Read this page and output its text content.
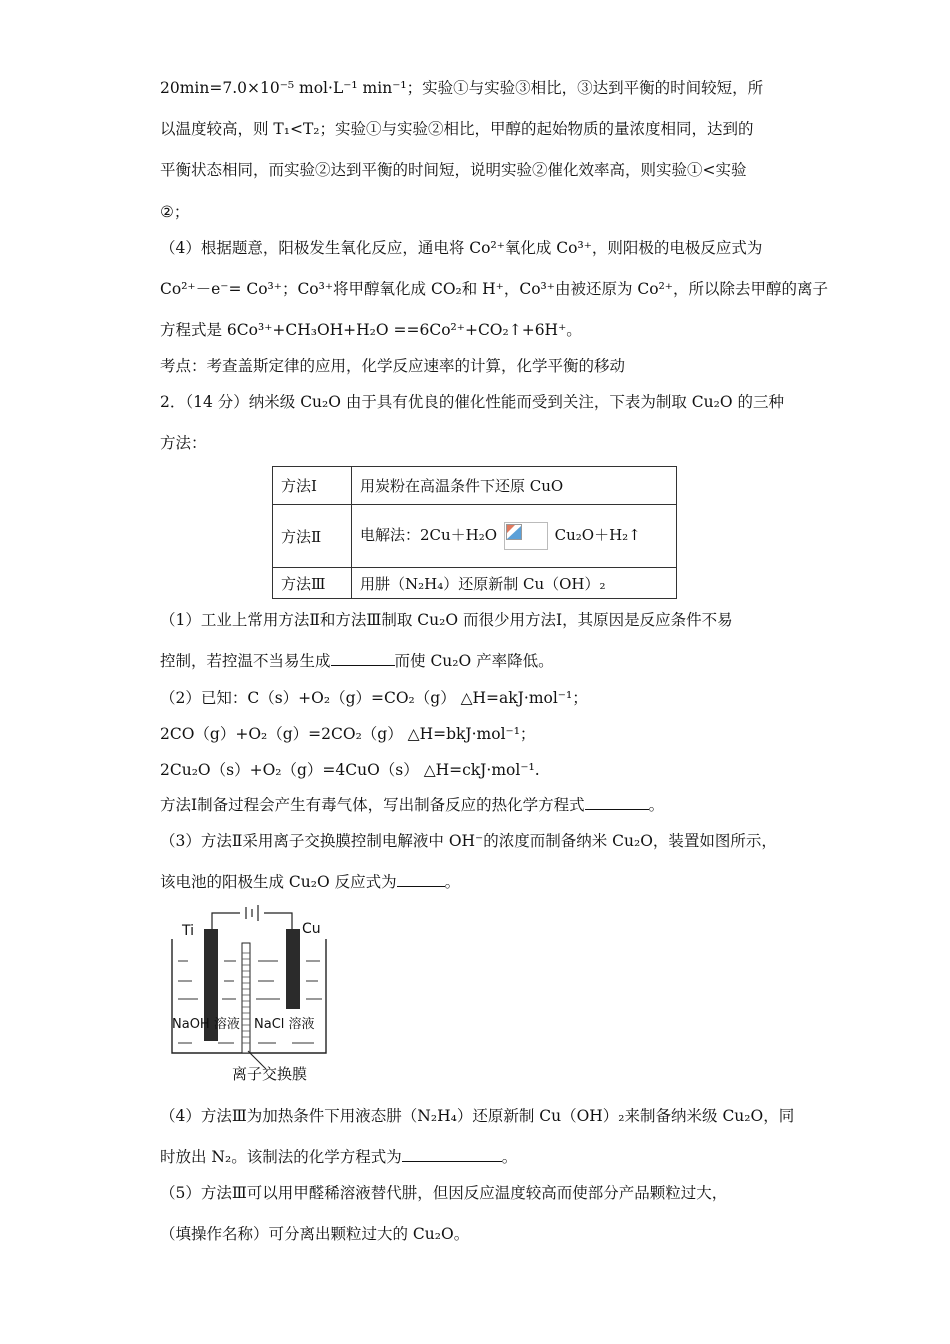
20min=7.0×10⁻⁵ mol·L⁻¹ min⁻¹；实验①与实验③相比，③达到平衡的时间较短，所
以温度较高，则 T₁<T₂；实验①与实验②相比，甲醇的起始物质的量浓度相同，达到的
平衡状态相同，而实验②达到平衡的时间短，说明实验②催化效率高，则实验①<实验
②；
（4）根据题意，阳极发生氧化反应，通电将 Co²⁺氧化成 Co³⁺，则阳极的电极反应式为
Co²⁺－e⁻= Co³⁺；Co³⁺将甲醇氧化成 CO₂和 H⁺，Co³⁺由被还原为 Co²⁺，所以除去甲醇的离子
方程式是 6Co³⁺+CH₃OH+H₂O ==6Co²⁺+CO₂↑+6H⁺。
考点：考查盖斯定律的应用，化学反应速率的计算，化学平衡的移动
2．（14 分）纳米级 Cu₂O 由于具有优良的催化性能而受到关注，下表为制取 Cu₂O 的三种
方法：
方法Ⅰ	用炭粉在高温条件下还原 CuO
方法Ⅱ	电解法：2Cu＋H₂O Cu₂O＋H₂↑
方法Ⅲ	用肼（N₂H₄）还原新制 Cu（OH）₂
（1）工业上常用方法Ⅱ和方法Ⅲ制取 Cu₂O 而很少用方法Ⅰ，其原因是反应条件不易
控制，若控温不当易生成	而使 Cu₂O 产率降低。
（2）已知：C（s）+O₂（g）=CO₂（g） △H=akJ·mol⁻¹；
2CO（g）+O₂（g）=2CO₂（g） △H=bkJ·mol⁻¹；
2Cu₂O（s）+O₂（g）=4CuO（s） △H=ckJ·mol⁻¹.
方法Ⅰ制备过程会产生有毒气体，写出制备反应的热化学方程式	。
（3）方法Ⅱ采用离子交换膜控制电解液中 OH⁻的浓度而制备纳米 Cu₂O，装置如图所示，
该电池的阳极生成 Cu₂O 反应式为	。
Ti	Cu
NaOH 溶液 NaCl 溶液
离子交换膜
（4）方法Ⅲ为加热条件下用液态肼（N₂H₄）还原新制 Cu（OH）₂来制备纳米级 Cu₂O，同
时放出 N₂。该制法的化学方程式为	。
（5）方法Ⅲ可以用甲醛稀溶液替代肼，但因反应温度较高而使部分产品颗粒过大，
（填操作名称）可分离出颗粒过大的 Cu₂O。
